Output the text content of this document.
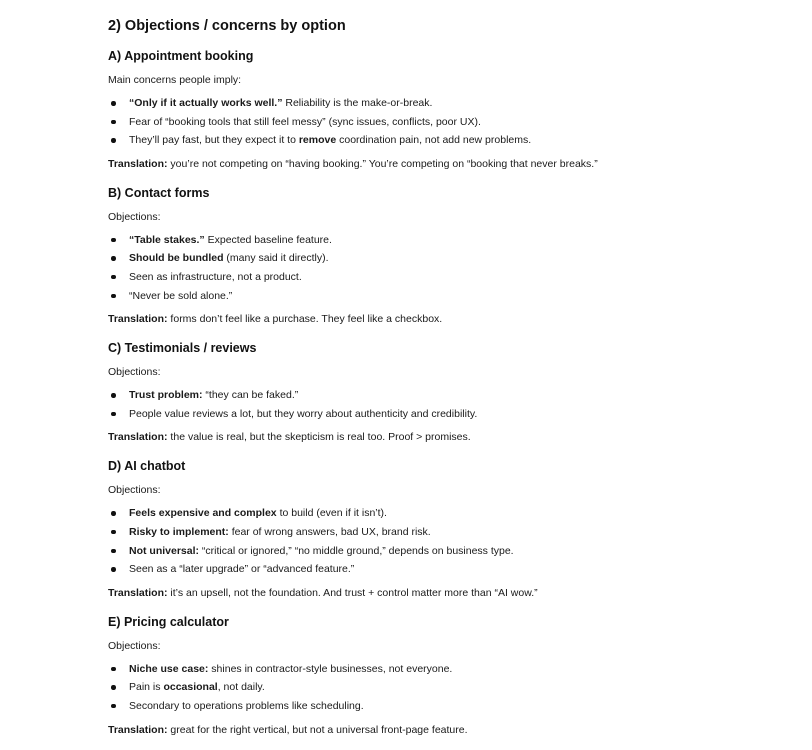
2) Objections / concerns by option
A) Appointment booking

Main concerns people imply:

“Only if it actually works well.” Reliability is the make-or-break.
Fear of “booking tools that still feel messy” (sync issues, conflicts, poor UX).
They’ll pay fast, but they expect it to remove coordination pain, not add new problems.

Translation: you’re not competing on “having booking.” You’re competing on “booking that never breaks.”

B) Contact forms

Objections:

“Table stakes.” Expected baseline feature.
Should be bundled (many said it directly).
Seen as infrastructure, not a product.
“Never be sold alone.”

Translation: forms don’t feel like a purchase. They feel like a checkbox.

C) Testimonials / reviews

Objections:

Trust problem: “they can be faked.”
People value reviews a lot, but they worry about authenticity and credibility.

Translation: the value is real, but the skepticism is real too. Proof > promises.

D) AI chatbot

Objections:

Feels expensive and complex to build (even if it isn’t).
Risky to implement: fear of wrong answers, bad UX, brand risk.
Not universal: “critical or ignored,” “no middle ground,” depends on business type.
Seen as a “later upgrade” or “advanced feature.”

Translation: it’s an upsell, not the foundation. And trust + control matter more than “AI wow.”

E) Pricing calculator

Objections:

Niche use case: shines in contractor-style businesses, not everyone.
Pain is occasional, not daily.
Secondary to operations problems like scheduling.

Translation: great for the right vertical, but not a universal front-page feature.
